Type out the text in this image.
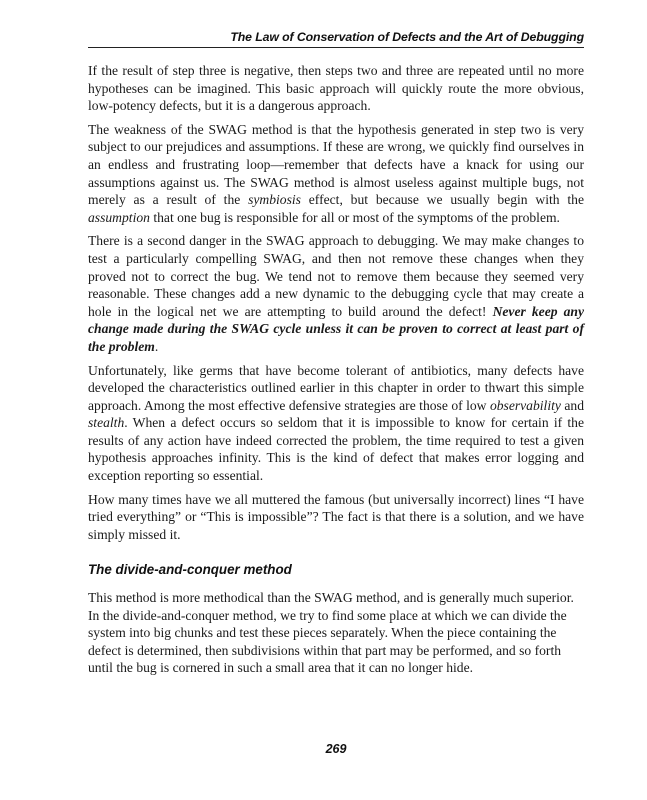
The Law of Conservation of Defects and the Art of Debugging

If the result of step three is negative, then steps two and three are repeated until no more hypotheses can be imagined. This basic approach will quickly route the more obvious, low-potency defects, but it is a dangerous approach.

The weakness of the SWAG method is that the hypothesis generated in step two is very subject to our prejudices and assumptions. If these are wrong, we quickly find ourselves in an endless and frustrating loop—remember that defects have a knack for using our assumptions against us. The SWAG method is almost useless against multiple bugs, not merely as a result of the symbiosis effect, but because we usually begin with the assumption that one bug is responsible for all or most of the symptoms of the problem.

There is a second danger in the SWAG approach to debugging. We may make changes to test a particularly compelling SWAG, and then not remove these changes when they proved not to correct the bug. We tend not to remove them because they seemed very reasonable. These changes add a new dynamic to the debugging cycle that may create a hole in the logical net we are attempting to build around the defect! Never keep any change made during the SWAG cycle unless it can be proven to correct at least part of the problem.

Unfortunately, like germs that have become tolerant of antibiotics, many defects have developed the characteristics outlined earlier in this chapter in order to thwart this simple approach. Among the most effective defensive strategies are those of low observability and stealth. When a defect occurs so seldom that it is impossible to know for certain if the results of any action have indeed corrected the problem, the time required to test a given hypothesis approaches infinity. This is the kind of defect that makes error logging and exception reporting so essential.

How many times have we all muttered the famous (but universally incorrect) lines “I have tried everything” or “This is impossible”? The fact is that there is a solution, and we have simply missed it.

The divide-and-conquer method

This method is more methodical than the SWAG method, and is generally much superior. In the divide-and-conquer method, we try to find some place at which we can divide the system into big chunks and test these pieces separately. When the piece containing the defect is determined, then subdivisions within that part may be performed, and so forth until the bug is cornered in such a small area that it can no longer hide.

269
